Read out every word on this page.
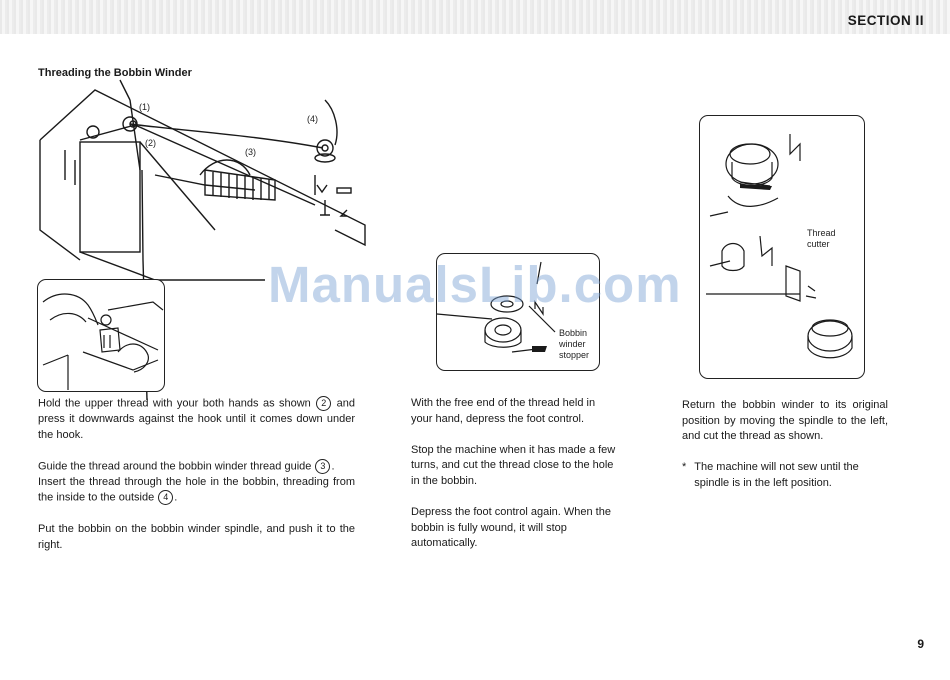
SECTION II
Threading the Bobbin Winder
(1)
(3)
(4)
(2)
Bobbin
winder
stopper
Thread
cutter

Hold the upper thread with your both hands as shown 2 and press it downwards against the hook until it comes down under the hook.

Guide the thread around the bobbin winder thread guide 3 .
Insert the thread through the hole in the bobbin, threading from the inside to the outside 4 .

Put the bobbin on the bobbin winder spindle, and push it to the right.

With the free end of the thread held in your hand, depress the foot control.

Stop the machine when it has made a few turns, and cut the thread close to the hole in the bobbin.

Depress the foot control again. When the bobbin is fully wound, it will stop automatically.

Return the bobbin winder to its original position by moving the spindle to the left, and cut the thread as shown.

* The machine will not sew until the spindle is in the left position.
ManualsLib.com
9
